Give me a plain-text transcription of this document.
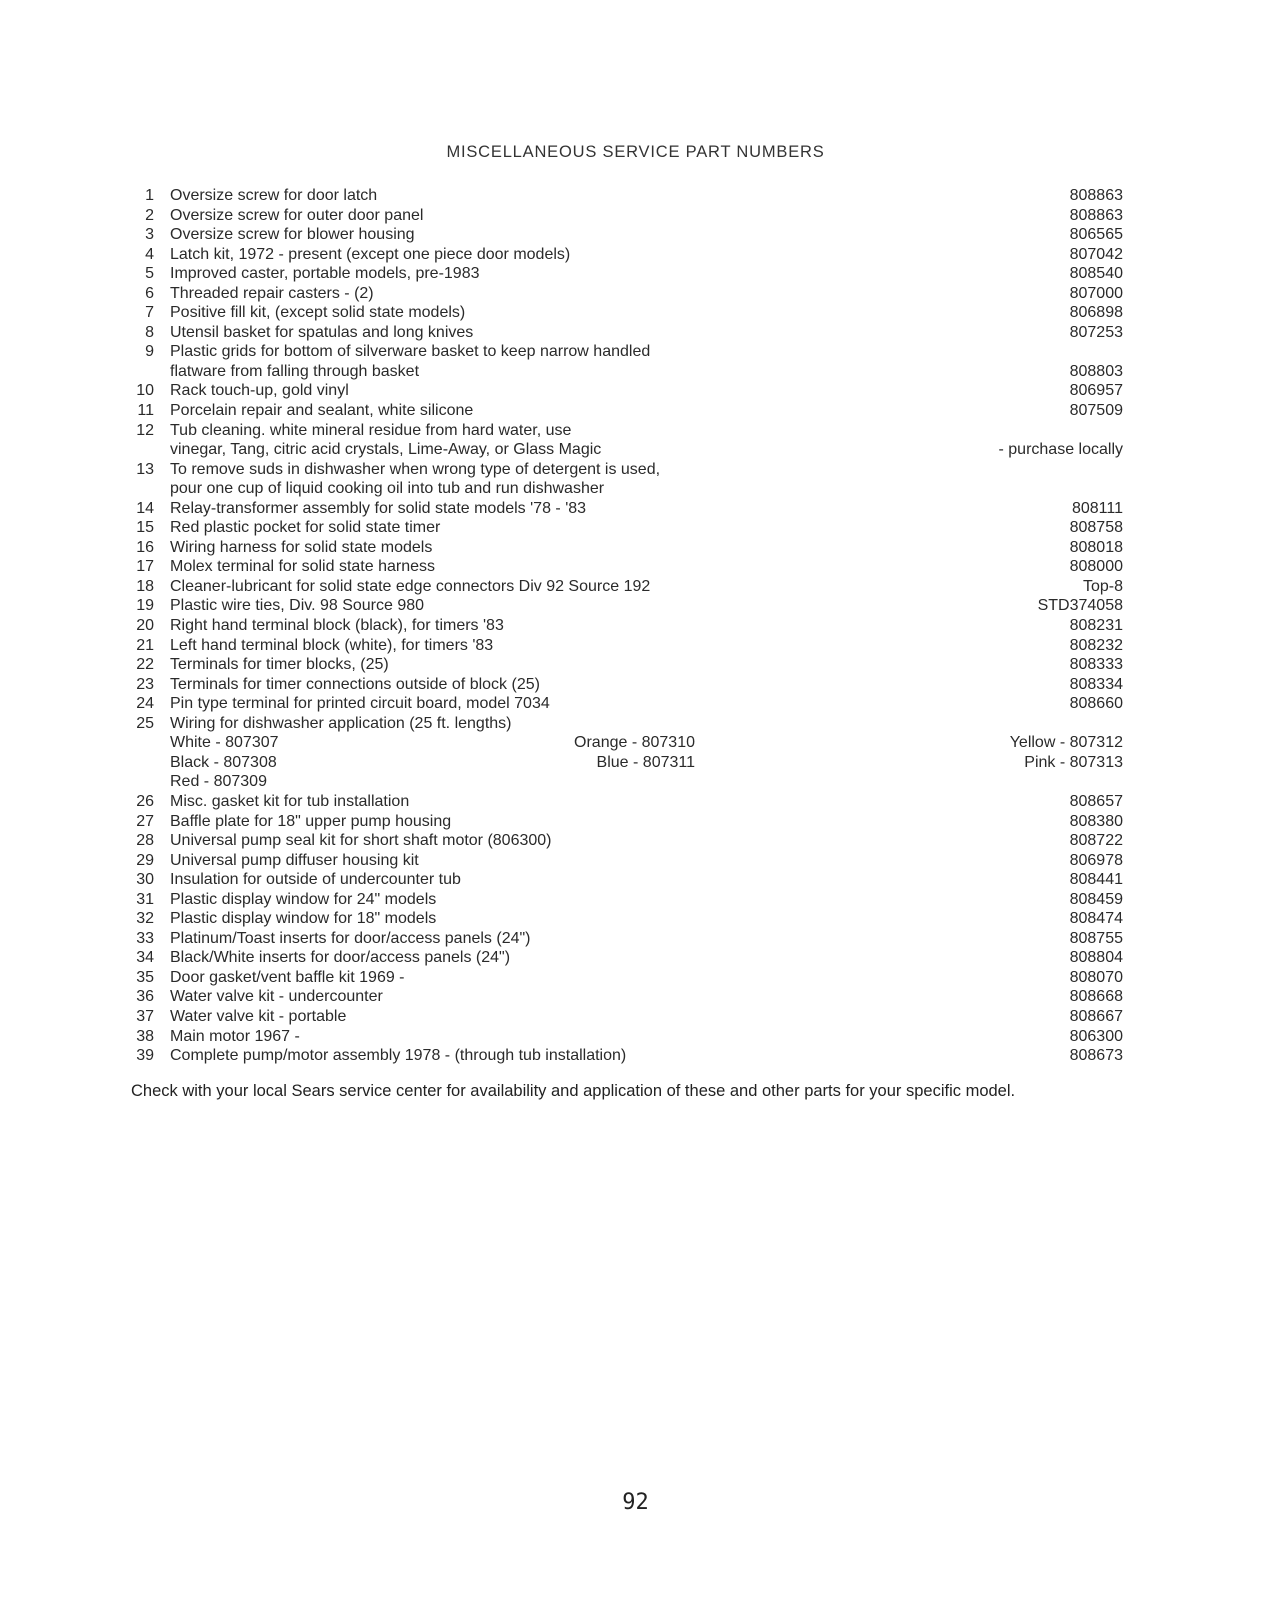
MISCELLANEOUS SERVICE PART NUMBERS
1 Oversize screw for door latch	808863
2 Oversize screw for outer door panel	808863
3 Oversize screw for blower housing	806565
4 Latch kit, 1972 - present (except one piece door models)	807042
5 Improved caster, portable models, pre-1983	808540
6 Threaded repair casters - (2)	807000
7 Positive fill kit, (except solid state models)	806898
8 Utensil basket for spatulas and long knives	807253
9 Plastic grids for bottom of silverware basket to keep narrow handled
flatware from falling through basket	808803
10 Rack touch-up, gold vinyl	806957
11 Porcelain repair and sealant, white silicone	807509
12 Tub cleaning. white mineral residue from hard water, use
vinegar, Tang, citric acid crystals, Lime-Away, or Glass Magic	- purchase locally
13 To remove suds in dishwasher when wrong type of detergent is used,
pour one cup of liquid cooking oil into tub and run dishwasher
14 Relay-transformer assembly for solid state models '78 - '83	808111
15 Red plastic pocket for solid state timer	808758
16 Wiring harness for solid state models	808018
17 Molex terminal for solid state harness	808000
18 Cleaner-lubricant for solid state edge connectors Div 92 Source 192	Top-8
19 Plastic wire ties, Div. 98 Source 980	STD374058
20 Right hand terminal block (black), for timers '83	808231
21 Left hand terminal block (white), for timers '83	808232
22 Terminals for timer blocks, (25)	808333
23 Terminals for timer connections outside of block (25)	808334
24 Pin type terminal for printed circuit board, model 7034	808660
25 Wiring for dishwasher application (25 ft. lengths)
White - 807307	Orange - 807310	Yellow - 807312
Black - 807308	Blue - 807311	Pink - 807313
Red - 807309
26 Misc. gasket kit for tub installation	808657
27 Baffle plate for 18" upper pump housing	808380
28 Universal pump seal kit for short shaft motor (806300)	808722
29 Universal pump diffuser housing kit	806978
30 Insulation for outside of undercounter tub	808441
31 Plastic display window for 24" models	808459
32 Plastic display window for 18" models	808474
33 Platinum/Toast inserts for door/access panels (24")	808755
34 Black/White inserts for door/access panels (24")	808804
35 Door gasket/vent baffle kit 1969 -	808070
36 Water valve kit - undercounter	808668
37 Water valve kit - portable	808667
38 Main motor 1967 -	806300
39 Complete pump/motor assembly 1978 - (through tub installation)	808673
Check with your local Sears service center for availability and application of these and other parts for your specific model.
92
